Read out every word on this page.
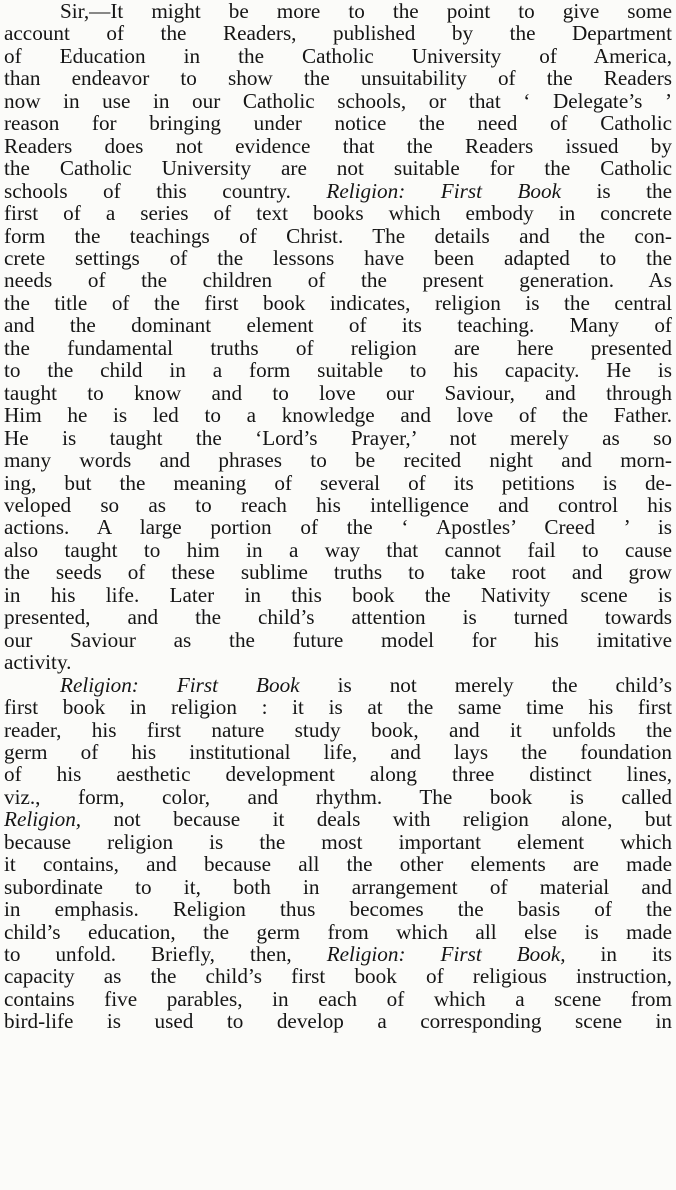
Sir,—It might be more to the point to give some
account of the Readers, published by the Department
of Education in the Catholic University of America,
than endeavor to show the unsuitability of the Readers
now in use in our Catholic schools, or that ‘ Delegate’s ’
reason for bringing under notice the need of Catholic
Readers does not evidence that the Readers issued by
the Catholic University are not suitable for the Catholic
schools of this country. Religion: First Book is the
first of a series of text books which embody in concrete
form the teachings of Christ. The details and the con-
crete settings of the lessons have been adapted to the
needs of the children of the present generation. As
the title of the first book indicates, religion is the central
and the dominant element of its teaching. Many of
the fundamental truths of religion are here presented
to the child in a form suitable to his capacity. He is
taught to know and to love our Saviour, and through
Him he is led to a knowledge and love of the Father.
He is taught the ‘Lord’s Prayer,’ not merely as so
many words and phrases to be recited night and morn-
ing, but the meaning of several of its petitions is de-
veloped so as to reach his intelligence and control his
actions. A large portion of the ‘ Apostles’ Creed ’ is
also taught to him in a way that cannot fail to cause
the seeds of these sublime truths to take root and grow
in his life. Later in this book the Nativity scene is
presented, and the child’s attention is turned towards
our Saviour as the future model for his imitative
activity.

Religion: First Book is not merely the child’s
first book in religion : it is at the same time his first
reader, his first nature study book, and it unfolds the
germ of his institutional life, and lays the foundation
of his aesthetic development along three distinct lines,
viz., form, color, and rhythm. The book is called
Religion, not because it deals with religion alone, but
because religion is the most important element which
it contains, and because all the other elements are made
subordinate to it, both in arrangement of material and
in emphasis. Religion thus becomes the basis of the
child’s education, the germ from which all else is made
to unfold. Briefly, then, Religion: First Book, in its
capacity as the child’s first book of religious instruction,
contains five parables, in each of which a scene from
bird-life is used to develop a corresponding scene in
